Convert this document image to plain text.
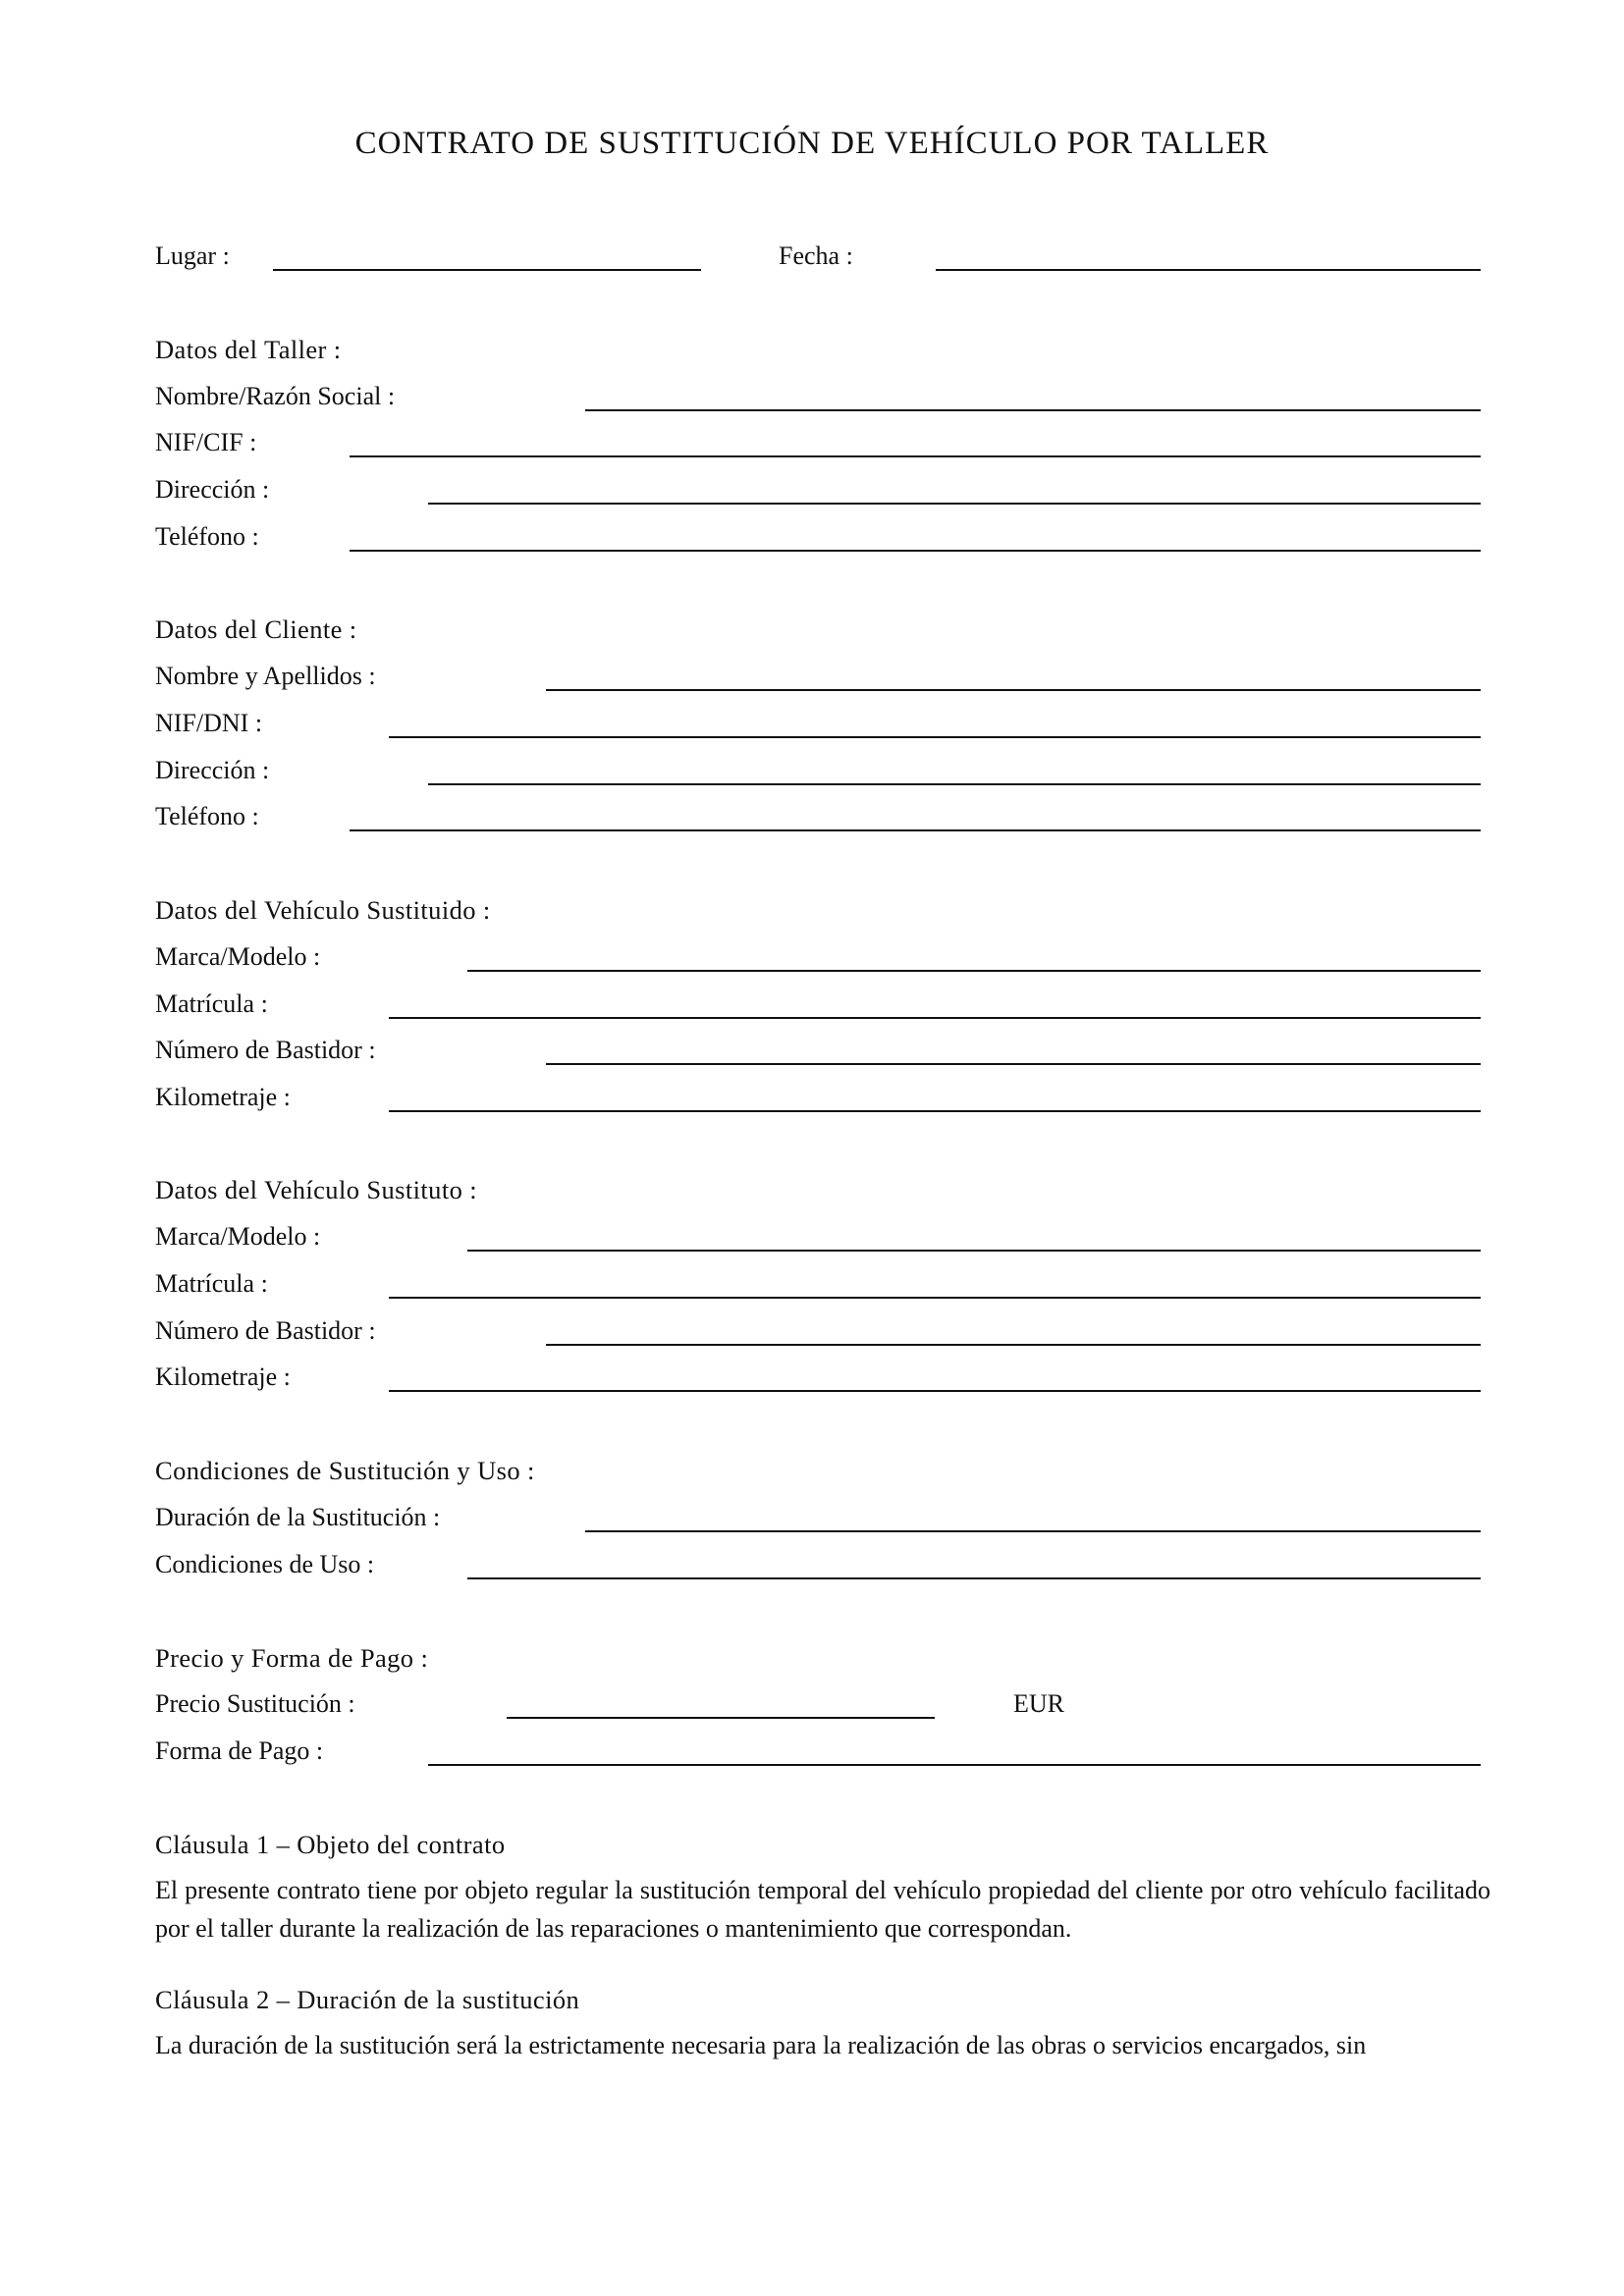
CONTRATO DE SUSTITUCIÓN DE VEHÍCULO POR TALLER
Lugar :	Fecha :
Datos del Taller :
Nombre/Razón Social :
NIF/CIF :
Dirección :
Teléfono :
Datos del Cliente :
Nombre y Apellidos :
NIF/DNI :
Dirección :
Teléfono :
Datos del Vehículo Sustituido :
Marca/Modelo :
Matrícula :
Número de Bastidor :
Kilometraje :
Datos del Vehículo Sustituto :
Marca/Modelo :
Matrícula :
Número de Bastidor :
Kilometraje :
Condiciones de Sustitución y Uso :
Duración de la Sustitución :
Condiciones de Uso :
Precio y Forma de Pago :
Precio Sustitución :	EUR
Forma de Pago :
Cláusula 1 – Objeto del contrato
El presente contrato tiene por objeto regular la sustitución temporal del vehículo propiedad del cliente por otro vehículo facilitado por el taller durante la realización de las reparaciones o mantenimiento que correspondan.
Cláusula 2 – Duración de la sustitución
La duración de la sustitución será la estrictamente necesaria para la realización de las obras o servicios encargados, sin
